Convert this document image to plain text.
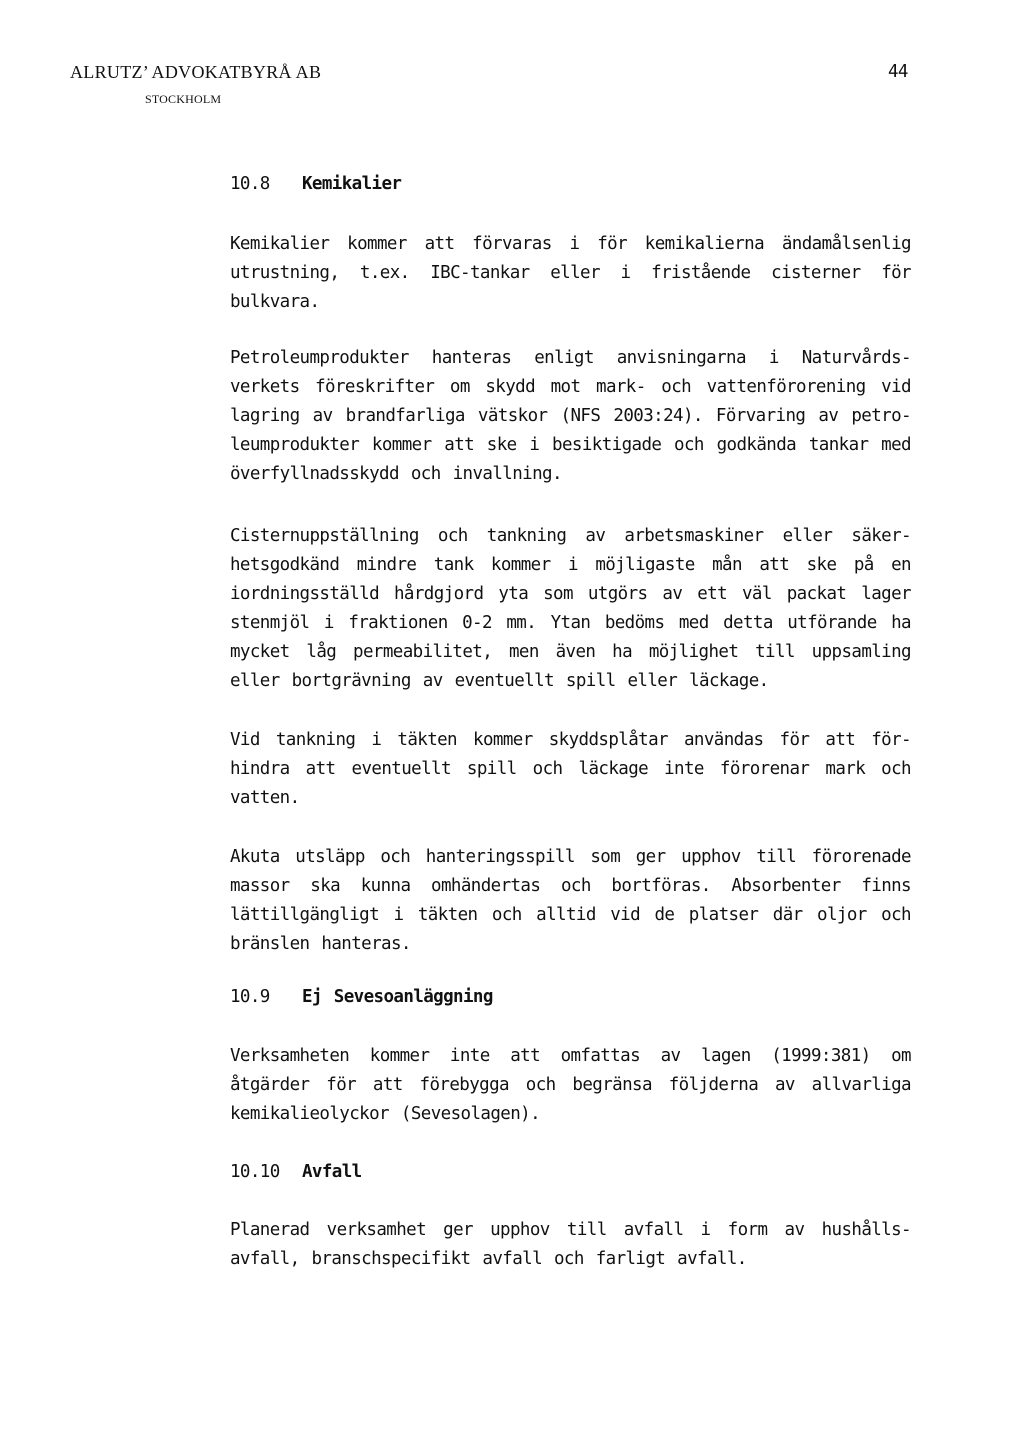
ALRUTZ’ ADVOKATBYRÅ AB
STOCKHOLM
44
10.8 Kemikalier
Kemikalier kommer att förvaras i för kemikalierna ändamålsenlig
utrustning, t.ex. IBC-tankar eller i fristående cisterner för
bulkvara.
Petroleumprodukter hanteras enligt anvisningarna i Naturvårds-
verkets föreskrifter om skydd mot mark- och vattenförorening vid
lagring av brandfarliga vätskor (NFS 2003:24). Förvaring av petro-
leumprodukter kommer att ske i besiktigade och godkända tankar med
överfyllnadsskydd och invallning.
Cisternuppställning och tankning av arbetsmaskiner eller säker-
hetsgodkänd mindre tank kommer i möjligaste mån att ske på en
iordningsställd hårdgjord yta som utgörs av ett väl packat lager
stenmjöl i fraktionen 0-2 mm. Ytan bedöms med detta utförande ha
mycket låg permeabilitet, men även ha möjlighet till uppsamling
eller bortgrävning av eventuellt spill eller läckage.
Vid tankning i täkten kommer skyddsplåtar användas för att för-
hindra att eventuellt spill och läckage inte förorenar mark och
vatten.
Akuta utsläpp och hanteringsspill som ger upphov till förorenade
massor ska kunna omhändertas och bortföras. Absorbenter finns
lättillgängligt i täkten och alltid vid de platser där oljor och
bränslen hanteras.
10.9 Ej Sevesoanläggning
Verksamheten kommer inte att omfattas av lagen (1999:381) om
åtgärder för att förebygga och begränsa följderna av allvarliga
kemikalieolyckor (Sevesolagen).
10.10 Avfall
Planerad verksamhet ger upphov till avfall i form av hushålls-
avfall, branschspecifikt avfall och farligt avfall.
